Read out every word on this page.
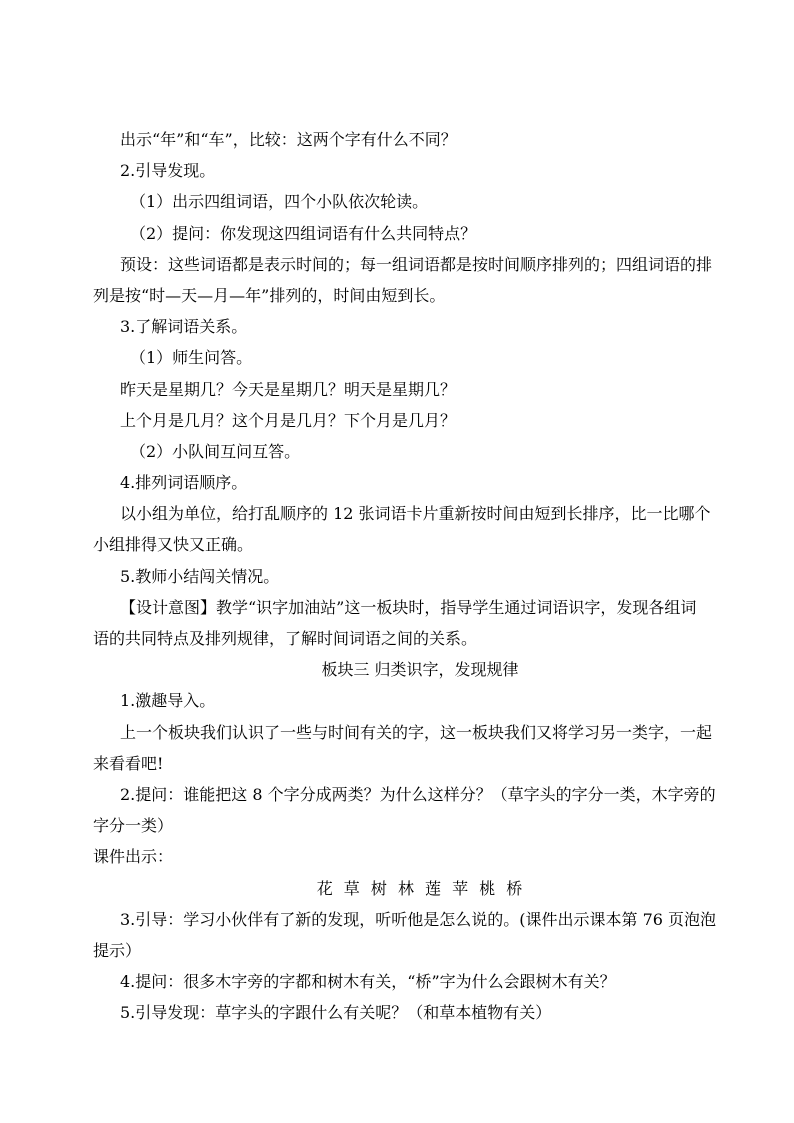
出示“年”和“车”，比较：这两个字有什么不同？

2.引导发现。

（1）出示四组词语，四个小队依次轮读。

（2）提问：你发现这四组词语有什么共同特点？

预设：这些词语都是表示时间的；每一组词语都是按时间顺序排列的；四组词语的排

列是按“时—天—月—年”排列的，时间由短到长。

3.了解词语关系。

（1）师生问答。

昨天是星期几？今天是星期几？明天是星期几？

上个月是几月？这个月是几月？下个月是几月？

（2）小队间互问互答。

4.排列词语顺序。

以小组为单位，给打乱顺序的 12 张词语卡片重新按时间由短到长排序，比一比哪个

小组排得又快又正确。

5.教师小结闯关情况。

【设计意图】教学“识字加油站”这一板块时，指导学生通过词语识字，发现各组词

语的共同特点及排列规律，了解时间词语之间的关系。

板块三 归类识字，发现规律

1.激趣导入。

上一个板块我们认识了一些与时间有关的字，这一板块我们又将学习另一类字，一起

来看看吧!

2.提问：谁能把这 8 个字分成两类？为什么这样分？（草字头的字分一类，木字旁的

字分一类）

课件出示：

花 草 树 林 莲 苹 桃 桥

3.引导：学习小伙伴有了新的发现，听听他是怎么说的。(课件出示课本第 76 页泡泡

提示）

4.提问：很多木字旁的字都和树木有关，“桥”字为什么会跟树木有关？

5.引导发现：草字头的字跟什么有关呢？（和草本植物有关）
